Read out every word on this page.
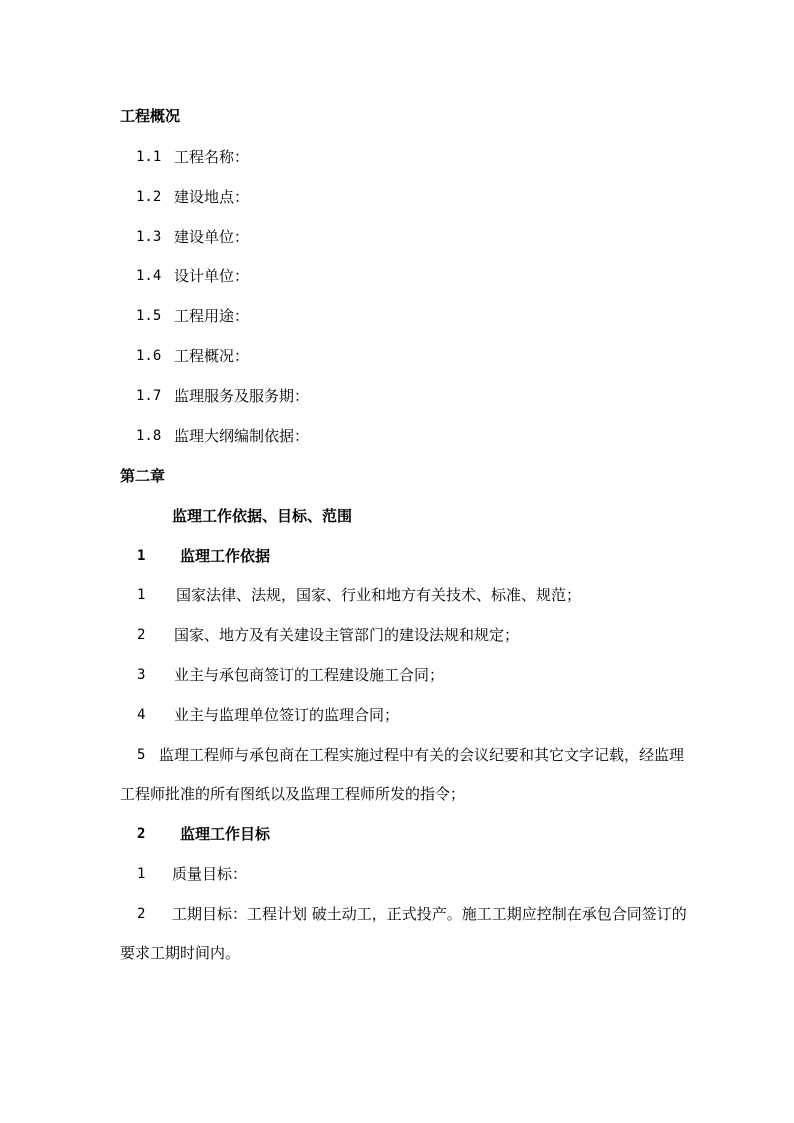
工程概况
1.1 工程名称：
1.2 建设地点：
1.3 建设单位：
1.4 设计单位：
1.5 工程用途：
1.6 工程概况：
1.7 监理服务及服务期：
1.8 监理大纲编制依据：
第二章
监理工作依据、目标、范围
1 监理工作依据
1 国家法律、法规，国家、行业和地方有关技术、标准、规范；
2 国家、地方及有关建设主管部门的建设法规和规定；
3 业主与承包商签订的工程建设施工合同；
4 业主与监理单位签订的监理合同；
5 监理工程师与承包商在工程实施过程中有关的会议纪要和其它文字记载，经监理
工程师批准的所有图纸以及监理工程师所发的指令；
2 监理工作目标
1 质量目标：
2 工期目标：工程计划 破土动工，正式投产。施工工期应控制在承包合同签订的
要求工期时间内。
